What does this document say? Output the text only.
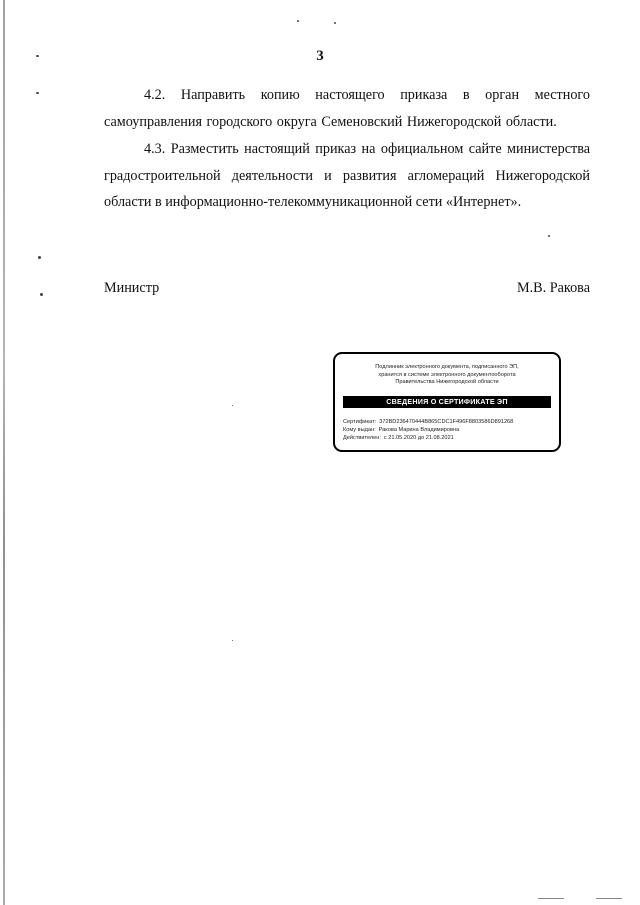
3

4.2. Направить копию настоящего приказа в орган местного самоуправления городского округа Семеновский Нижегородской области.

4.3. Разместить настоящий приказ на официальном сайте министерства градостроительной деятельности и развития агломераций Нижегородской области в информационно-телекоммуникационной сети «Интернет».

Министр	М.В. Ракова
Подлинник электронного документа, подписанного ЭП,
хранится в системе электронного документооборота
Правительства Нижегородской области
СВЕДЕНИЯ О СЕРТИФИКАТЕ ЭП
Сертификат: 372BD236470444B865CDC1F496F8803586D891268
Кому выдан: Ракова Марина Владимировна
Действителен: с 21.05.2020 до 21.08.2021
